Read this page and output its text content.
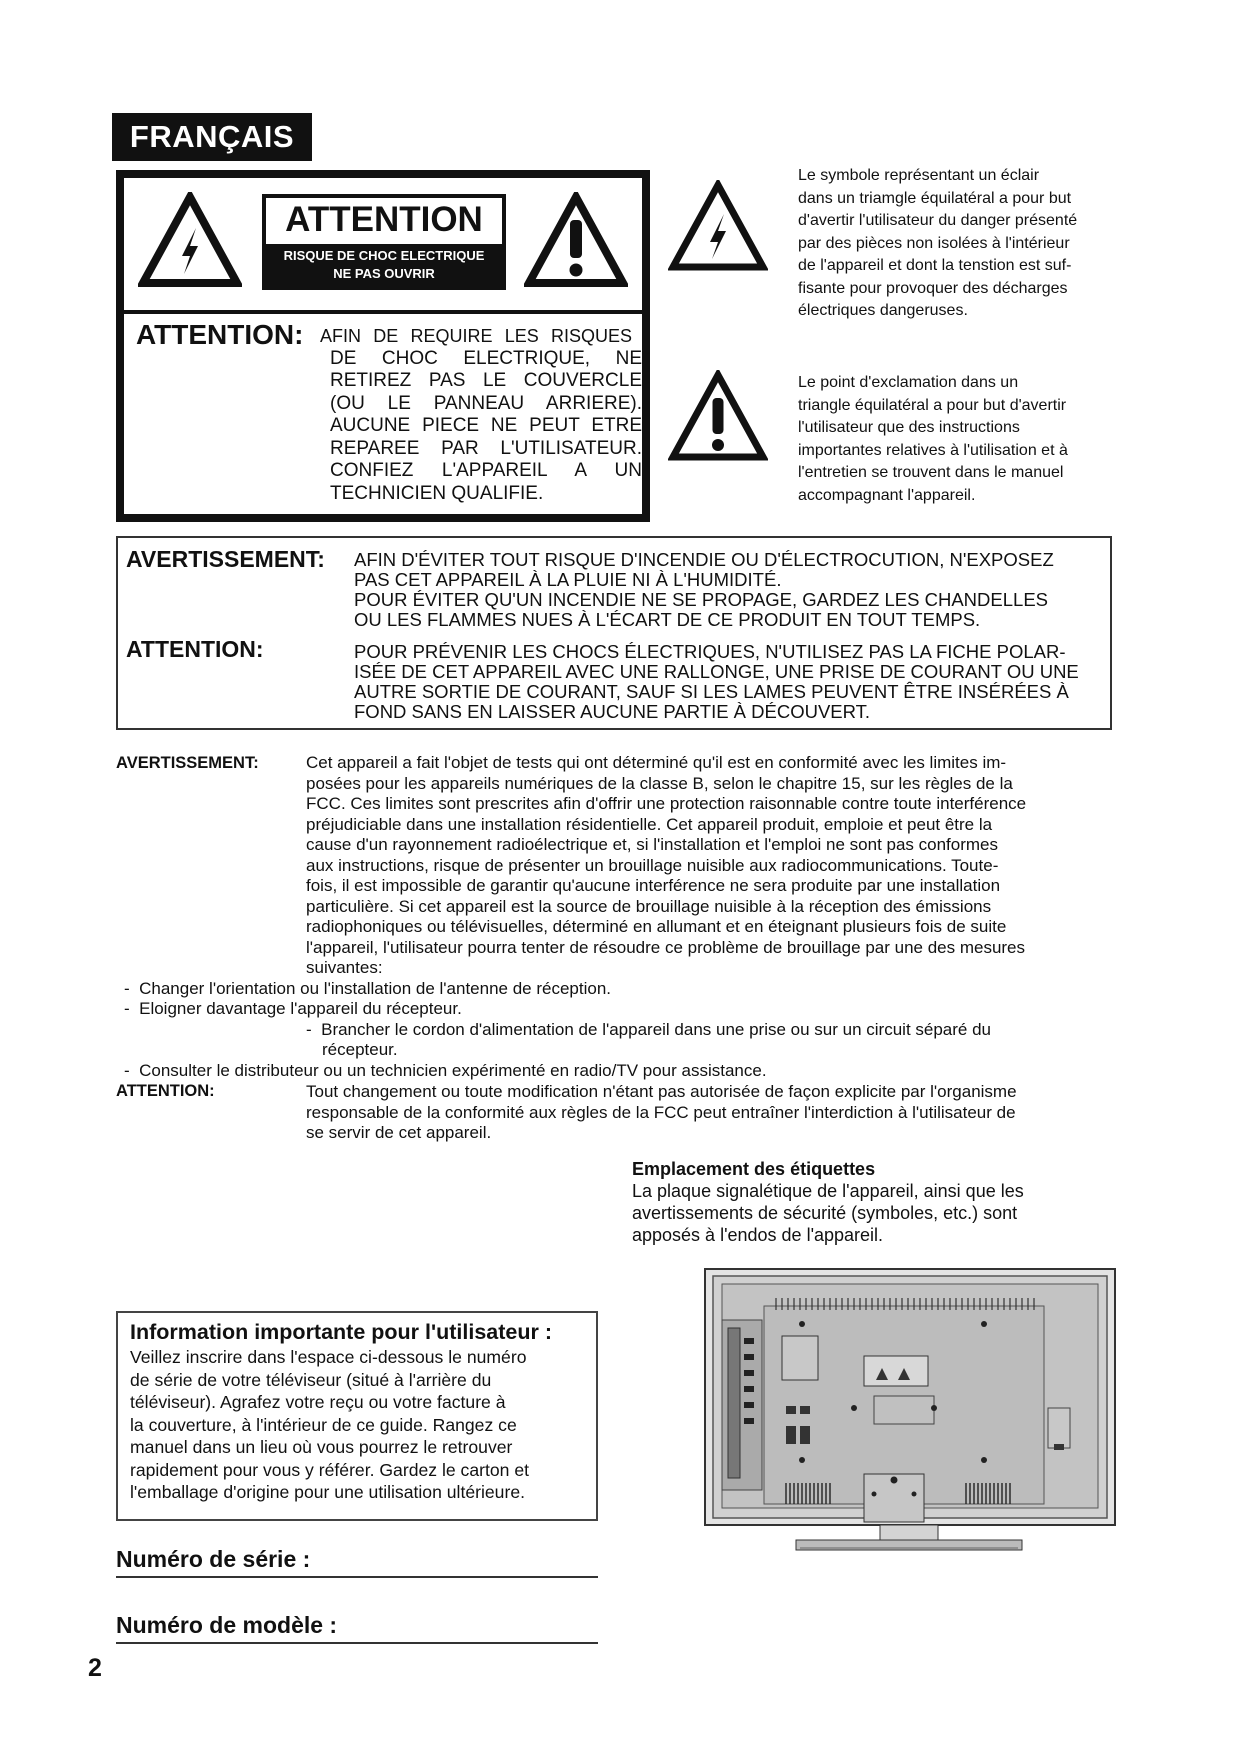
FRANÇAIS
ATTENTION
RISQUE DE CHOC ELECTRIQUE
NE PAS OUVRIR
ATTENTION: AFIN DE REQUIRE LES RISQUES
DE CHOC ELECTRIQUE, NE
RETIREZ PAS LE COUVERCLE
(OU LE PANNEAU ARRIERE).
AUCUNE PIECE NE PEUT ETRE
REPAREE PAR L'UTILISATEUR.
CONFIEZ L'APPAREIL A UN
TECHNICIEN QUALIFIE.
Le symbole représentant un éclair
dans un triamgle équilatéral a pour but
d'avertir l'utilisateur du danger présenté
par des pièces non isolées à l'intérieur
de l'appareil et dont la tenstion est suf-
fisante pour provoquer des décharges
électriques dangeruses.
Le point d'exclamation dans un
triangle équilatéral a pour but d'avertir
l'utilisateur que des instructions
importantes relatives à l'utilisation et à
l'entretien se trouvent dans le manuel
accompagnant l'appareil.
AVERTISSEMENT: AFIN D'ÉVITER TOUT RISQUE D'INCENDIE OU D'ÉLECTROCUTION, N'EXPOSEZ
PAS CET APPAREIL À LA PLUIE NI À L'HUMIDITÉ.
POUR ÉVITER QU'UN INCENDIE NE SE PROPAGE, GARDEZ LES CHANDELLES
OU LES FLAMMES NUES À L'ÉCART DE CE PRODUIT EN TOUT TEMPS.
ATTENTION:	POUR PRÉVENIR LES CHOCS ÉLECTRIQUES, N'UTILISEZ PAS LA FICHE POLAR-
ISÉE DE CET APPAREIL AVEC UNE RALLONGE, UNE PRISE DE COURANT OU UNE
AUTRE SORTIE DE COURANT, SAUF SI LES LAMES PEUVENT ÊTRE INSÉRÉES À
FOND SANS EN LAISSER AUCUNE PARTIE À DÉCOUVERT.
AVERTISSEMENT:	Cet appareil a fait l'objet de tests qui ont déterminé qu'il est en conformité avec les limites im-
posées pour les appareils numériques de la classe B, selon le chapitre 15, sur les règles de la
FCC. Ces limites sont prescrites afin d'offrir une protection raisonnable contre toute interférence
préjudiciable dans une installation résidentielle. Cet appareil produit, emploie et peut être la
cause d'un rayonnement radioélectrique et, si l'installation et l'emploi ne sont pas conformes
aux instructions, risque de présenter un brouillage nuisible aux radiocommunications. Toute-
fois, il est impossible de garantir qu'aucune interférence ne sera produite par une installation
particulière. Si cet appareil est la source de brouillage nuisible à la réception des émissions
radiophoniques ou télévisuelles, déterminé en allumant et en éteignant plusieurs fois de suite
l'appareil, l'utilisateur pourra tenter de résoudre ce problème de brouillage par une des mesures
suivantes:
-  Changer l'orientation ou l'installation de l'antenne de réception.
-  Eloigner davantage l'appareil du récepteur.
-  Brancher le cordon d'alimentation de l'appareil dans une prise ou sur un circuit séparé du
récepteur.
-  Consulter le distributeur ou un technicien expérimenté en radio/TV pour assistance.
ATTENTION:	Tout changement ou toute modification n'étant pas autorisée de façon explicite par l'organisme
responsable de la conformité aux règles de la FCC peut entraîner l'interdiction à l'utilisateur de
se servir de cet appareil.
Emplacement des étiquettes
La plaque signalétique de l'appareil, ainsi que les
avertissements de sécurité (symboles, etc.) sont
apposés à l'endos de l'appareil.
Information importante pour l'utilisateur :
Veillez inscrire dans l'espace ci-dessous le numéro
de série de votre téléviseur (situé à l'arrière du
téléviseur). Agrafez votre reçu ou votre facture à
la couverture, à l'intérieur de ce guide. Rangez ce
manuel dans un lieu où vous pourrez le retrouver
rapidement pour vous y référer. Gardez le carton et
l'emballage d'origine pour une utilisation ultérieure.
Numéro de série :
Numéro de modèle :
2
